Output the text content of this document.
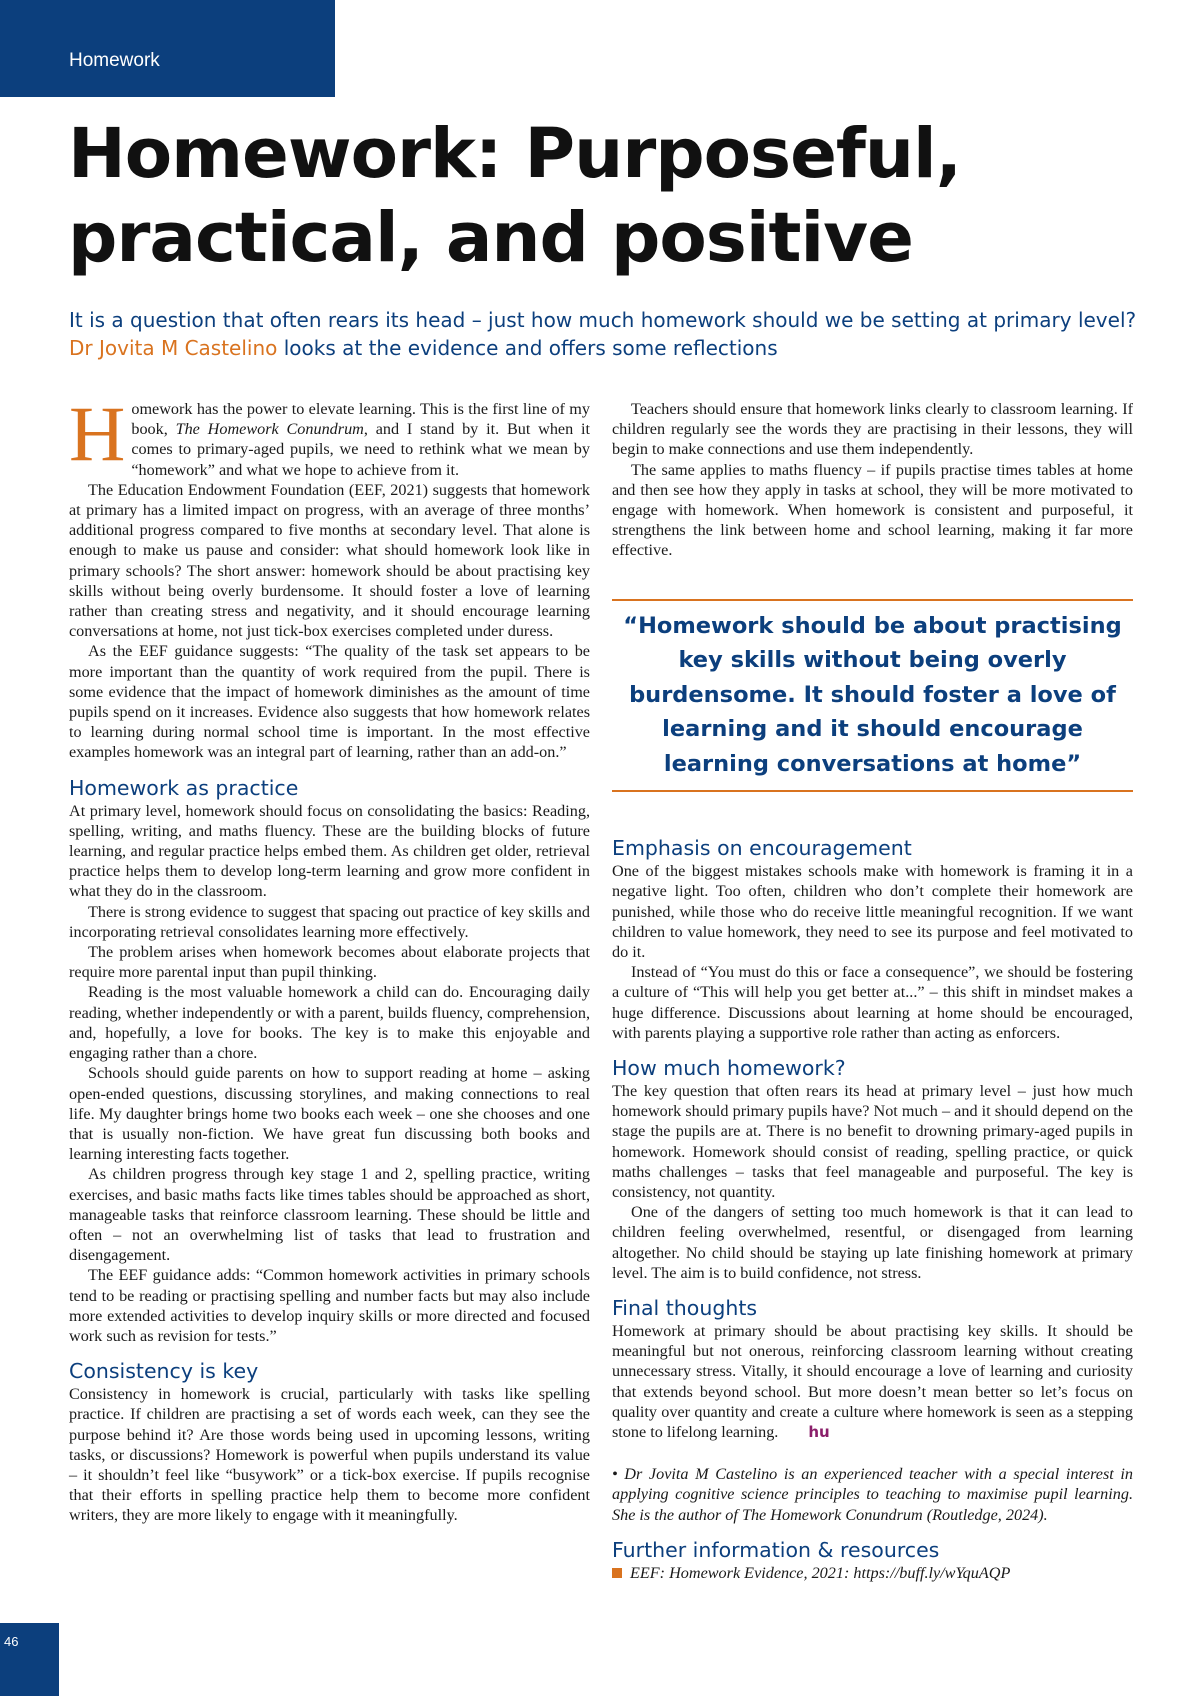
Homework
Homework: Purposeful,
practical, and positive

It is a question that often rears its head – just how much homework should we be setting at primary level? Dr Jovita M Castelino looks at the evidence and offers some reflections

Homework has the power to elevate learning. This is the first line of my book, The Homework Conundrum, and I stand by it. But when it comes to primary-aged pupils, we need to rethink what we mean by “homework” and what we hope to achieve from it.

The Education Endowment Foundation (EEF, 2021) suggests that homework at primary has a limited impact on progress, with an average of three months’ additional progress compared to five months at secondary level. That alone is enough to make us pause and consider: what should homework look like in primary schools? The short answer: homework should be about practising key skills without being overly burdensome. It should foster a love of learning rather than creating stress and negativity, and it should encourage learning conversations at home, not just tick-box exercises completed under duress.

As the EEF guidance suggests: “The quality of the task set appears to be more important than the quantity of work required from the pupil. There is some evidence that the impact of homework diminishes as the amount of time pupils spend on it increases. Evidence also suggests that how homework relates to learning during normal school time is important. In the most effective examples homework was an integral part of learning, rather than an add-on.”

Homework as practice

At primary level, homework should focus on consolidating the basics: Reading, spelling, writing, and maths fluency. These are the building blocks of future learning, and regular practice helps embed them. As children get older, retrieval practice helps them to develop long-term learning and grow more confident in what they do in the classroom.

There is strong evidence to suggest that spacing out practice of key skills and incorporating retrieval consolidates learning more effectively.

The problem arises when homework becomes about elaborate projects that require more parental input than pupil thinking.

Reading is the most valuable homework a child can do. Encouraging daily reading, whether independently or with a parent, builds fluency, comprehension, and, hopefully, a love for books. The key is to make this enjoyable and engaging rather than a chore.

Schools should guide parents on how to support reading at home – asking open-ended questions, discussing storylines, and making connections to real life. My daughter brings home two books each week – one she chooses and one that is usually non-fiction. We have great fun discussing both books and learning interesting facts together.

As children progress through key stage 1 and 2, spelling practice, writing exercises, and basic maths facts like times tables should be approached as short, manageable tasks that reinforce classroom learning. These should be little and often – not an overwhelming list of tasks that lead to frustration and disengagement.

The EEF guidance adds: “Common homework activities in primary schools tend to be reading or practising spelling and number facts but may also include more extended activities to develop inquiry skills or more directed and focused work such as revision for tests.”

Consistency is key

Consistency in homework is crucial, particularly with tasks like spelling practice. If children are practising a set of words each week, can they see the purpose behind it? Are those words being used in upcoming lessons, writing tasks, or discussions? Homework is powerful when pupils understand its value – it shouldn’t feel like “busywork” or a tick-box exercise. If pupils recognise that their efforts in spelling practice help them to become more confident writers, they are more likely to engage with it meaningfully.

Teachers should ensure that homework links clearly to classroom learning. If children regularly see the words they are practising in their lessons, they will begin to make connections and use them independently.

The same applies to maths fluency – if pupils practise times tables at home and then see how they apply in tasks at school, they will be more motivated to engage with homework. When homework is consistent and purposeful, it strengthens the link between home and school learning, making it far more effective.

“Homework should be about practising key skills without being overly burdensome. It should foster a love of learning and it should encourage learning conversations at home”
Emphasis on encouragement

One of the biggest mistakes schools make with homework is framing it in a negative light. Too often, children who don’t complete their homework are punished, while those who do receive little meaningful recognition. If we want children to value homework, they need to see its purpose and feel motivated to do it.

Instead of “You must do this or face a consequence”, we should be fostering a culture of “This will help you get better at...” – this shift in mindset makes a huge difference. Discussions about learning at home should be encouraged, with parents playing a supportive role rather than acting as enforcers.

How much homework?

The key question that often rears its head at primary level – just how much homework should primary pupils have? Not much – and it should depend on the stage the pupils are at. There is no benefit to drowning primary-aged pupils in homework. Homework should consist of reading, spelling practice, or quick maths challenges – tasks that feel manageable and purposeful. The key is consistency, not quantity.

One of the dangers of setting too much homework is that it can lead to children feeling overwhelmed, resentful, or disengaged from learning altogether. No child should be staying up late finishing homework at primary level. The aim is to build confidence, not stress.

Final thoughts

Homework at primary should be about practising key skills. It should be meaningful but not onerous, reinforcing classroom learning without creating unnecessary stress. Vitally, it should encourage a love of learning and curiosity that extends beyond school. But more doesn’t mean better so let’s focus on quality over quantity and create a culture where homework is seen as a stepping stone to lifelong learning. hu

• Dr Jovita M Castelino is an experienced teacher with a special interest in applying cognitive science principles to teaching to maximise pupil learning. She is the author of The Homework Conundrum (Routledge, 2024).

Further information & resources
EEF: Homework Evidence, 2021: https://buff.ly/wYquAQP
46
